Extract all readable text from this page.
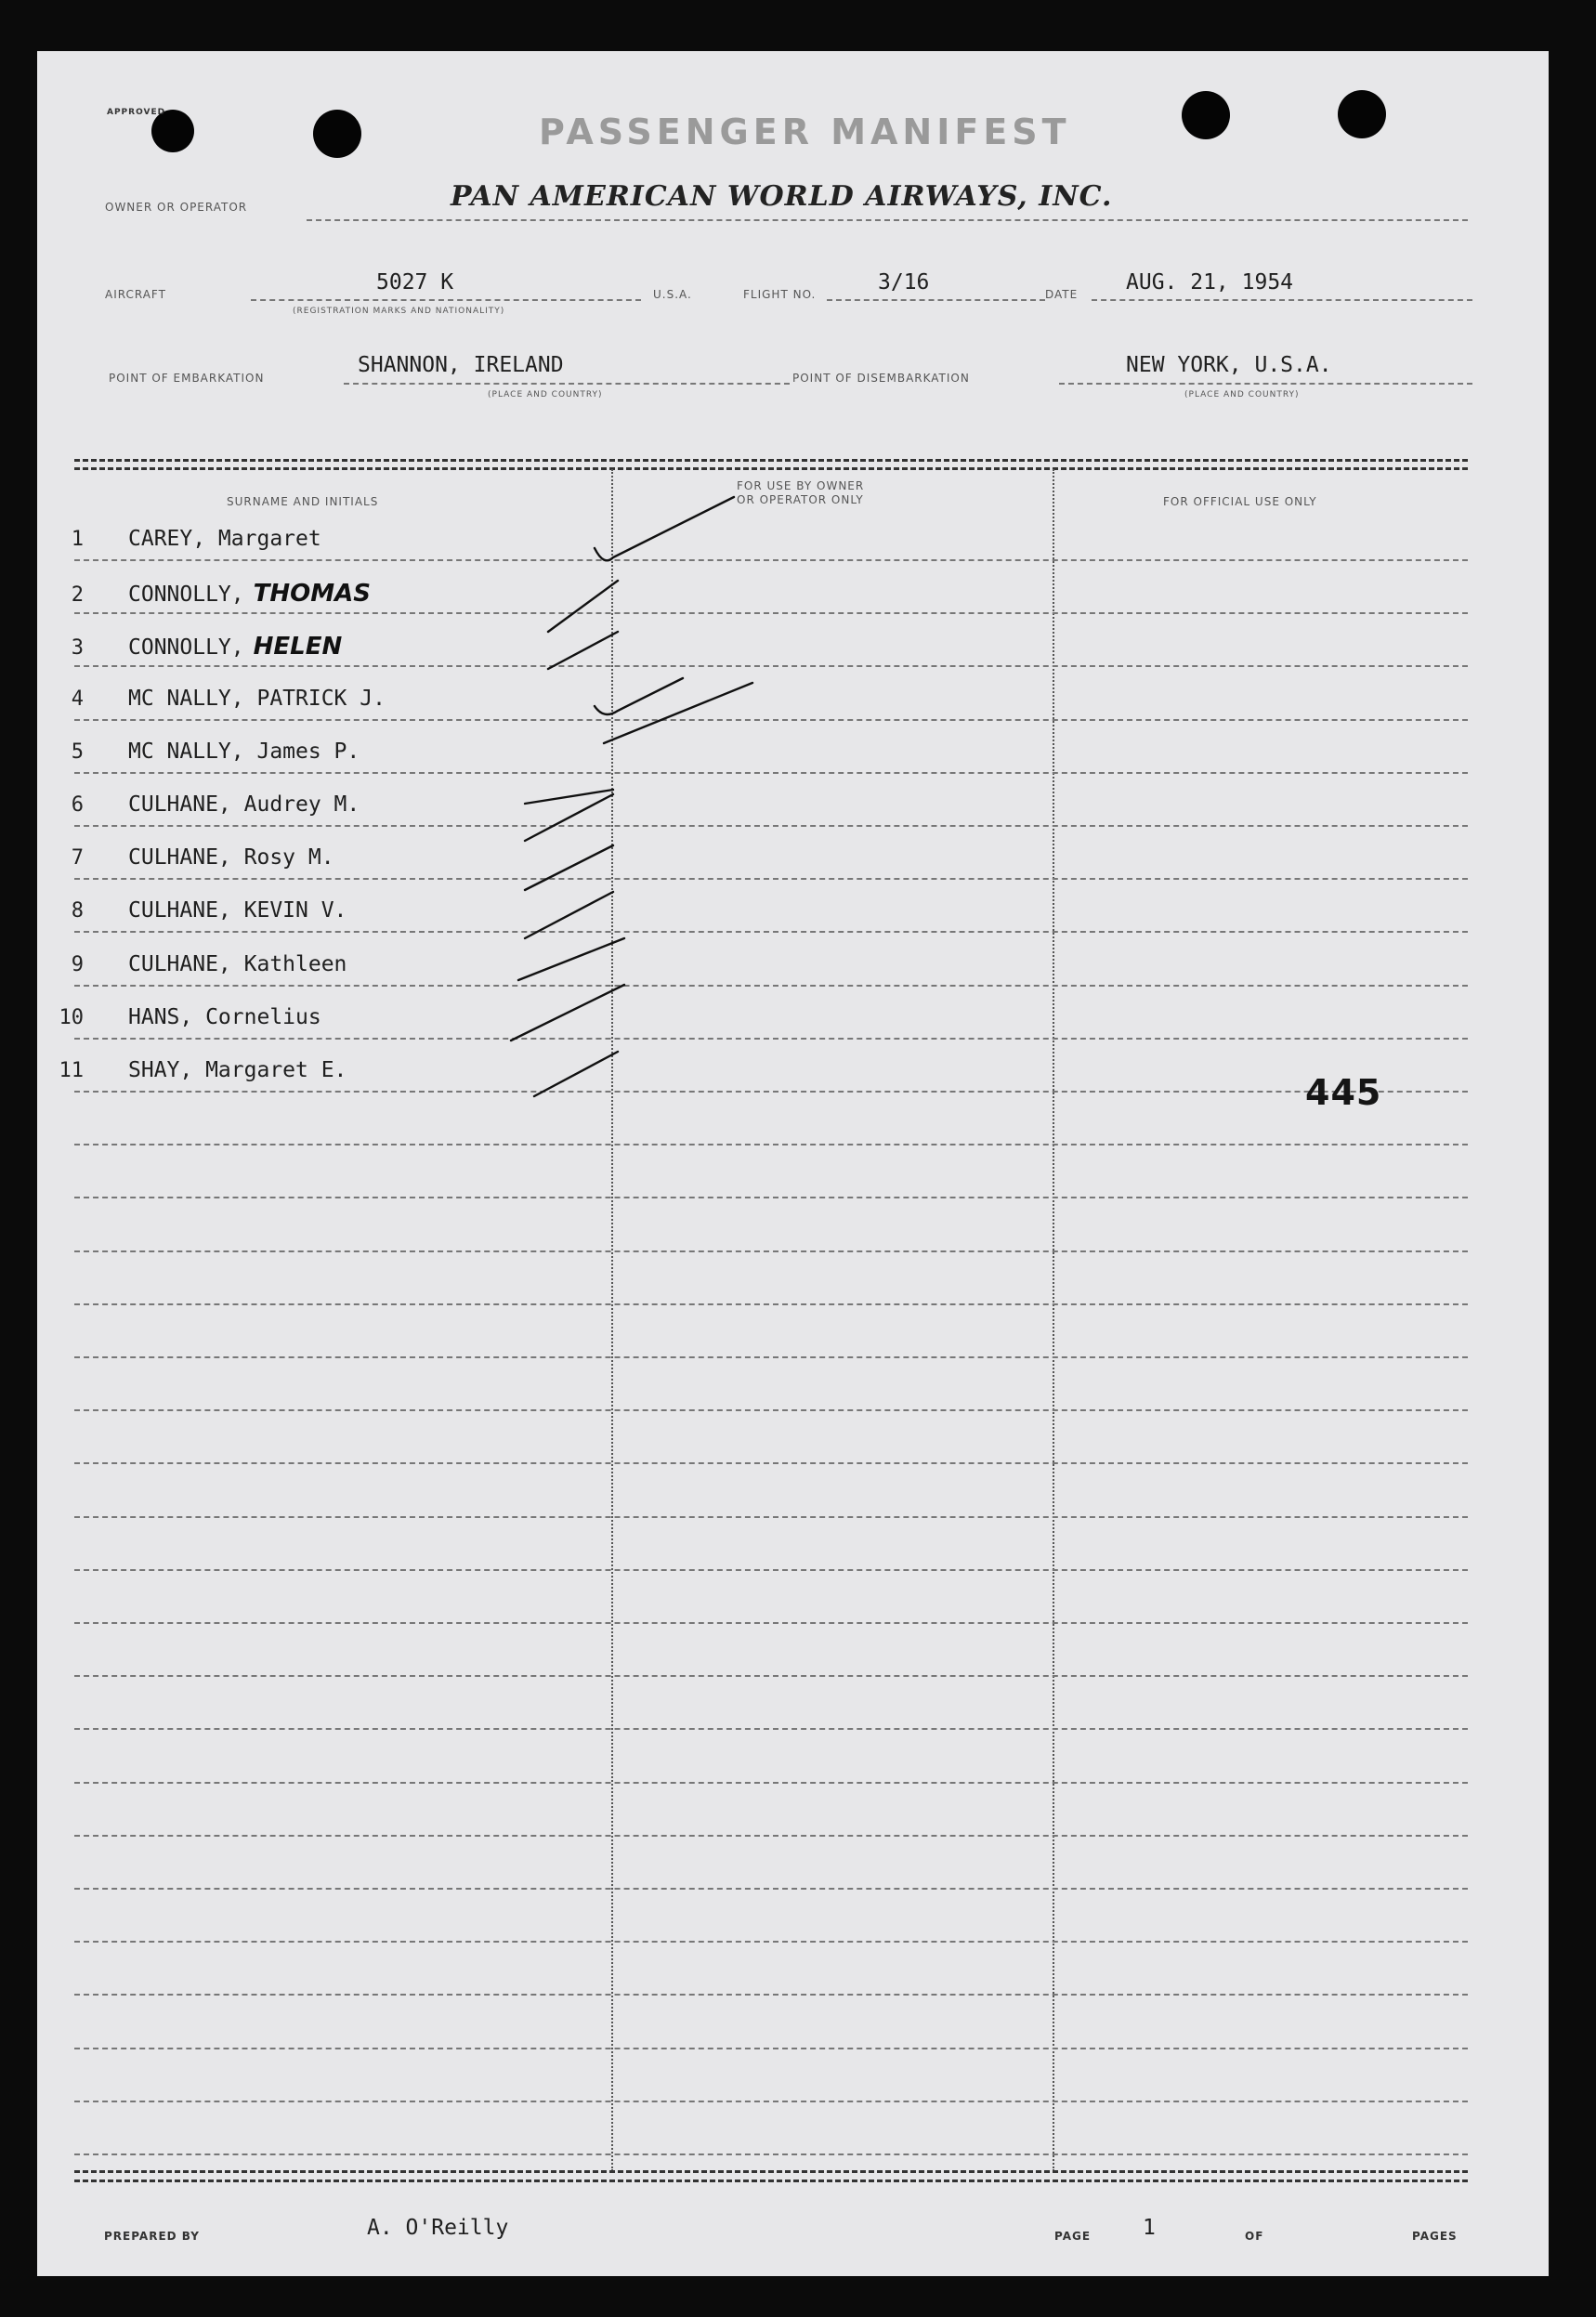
APPROVED	PASSENGER MANIFEST
OWNER OR OPERATOR	PAN AMERICAN WORLD AIRWAYS, INC.
AIRCRAFT	5027 K
(REGISTRATION MARKS AND NATIONALITY)
U.S.A.	FLIGHT NO.	3/16	DATE AUG. 21, 1954
POINT OF EMBARKATION
SHANNON, IRELAND
(PLACE AND COUNTRY)
POINT OF DISEMBARKATION
NEW YORK, U.S.A.
(PLACE AND COUNTRY)
SURNAME AND INITIALS
FOR USE BY OWNER
OR OPERATOR ONLY	FOR OFFICIAL USE ONLY
1 CAREY, Margaret
2 CONNOLLY, THOMAS
3 CONNOLLY, HELEN
4 MC NALLY, PATRICK J.
5 MC NALLY, James P.
6 CULHANE, Audrey M.
7 CULHANE, Rosy M.
8 CULHANE, KEVIN V.
9 CULHANE, Kathleen
10 HANS, Cornelius
11 SHAY, Margaret E.
445
PREPARED BY	A. O'Reilly	PAGE 1	OF	PAGES
